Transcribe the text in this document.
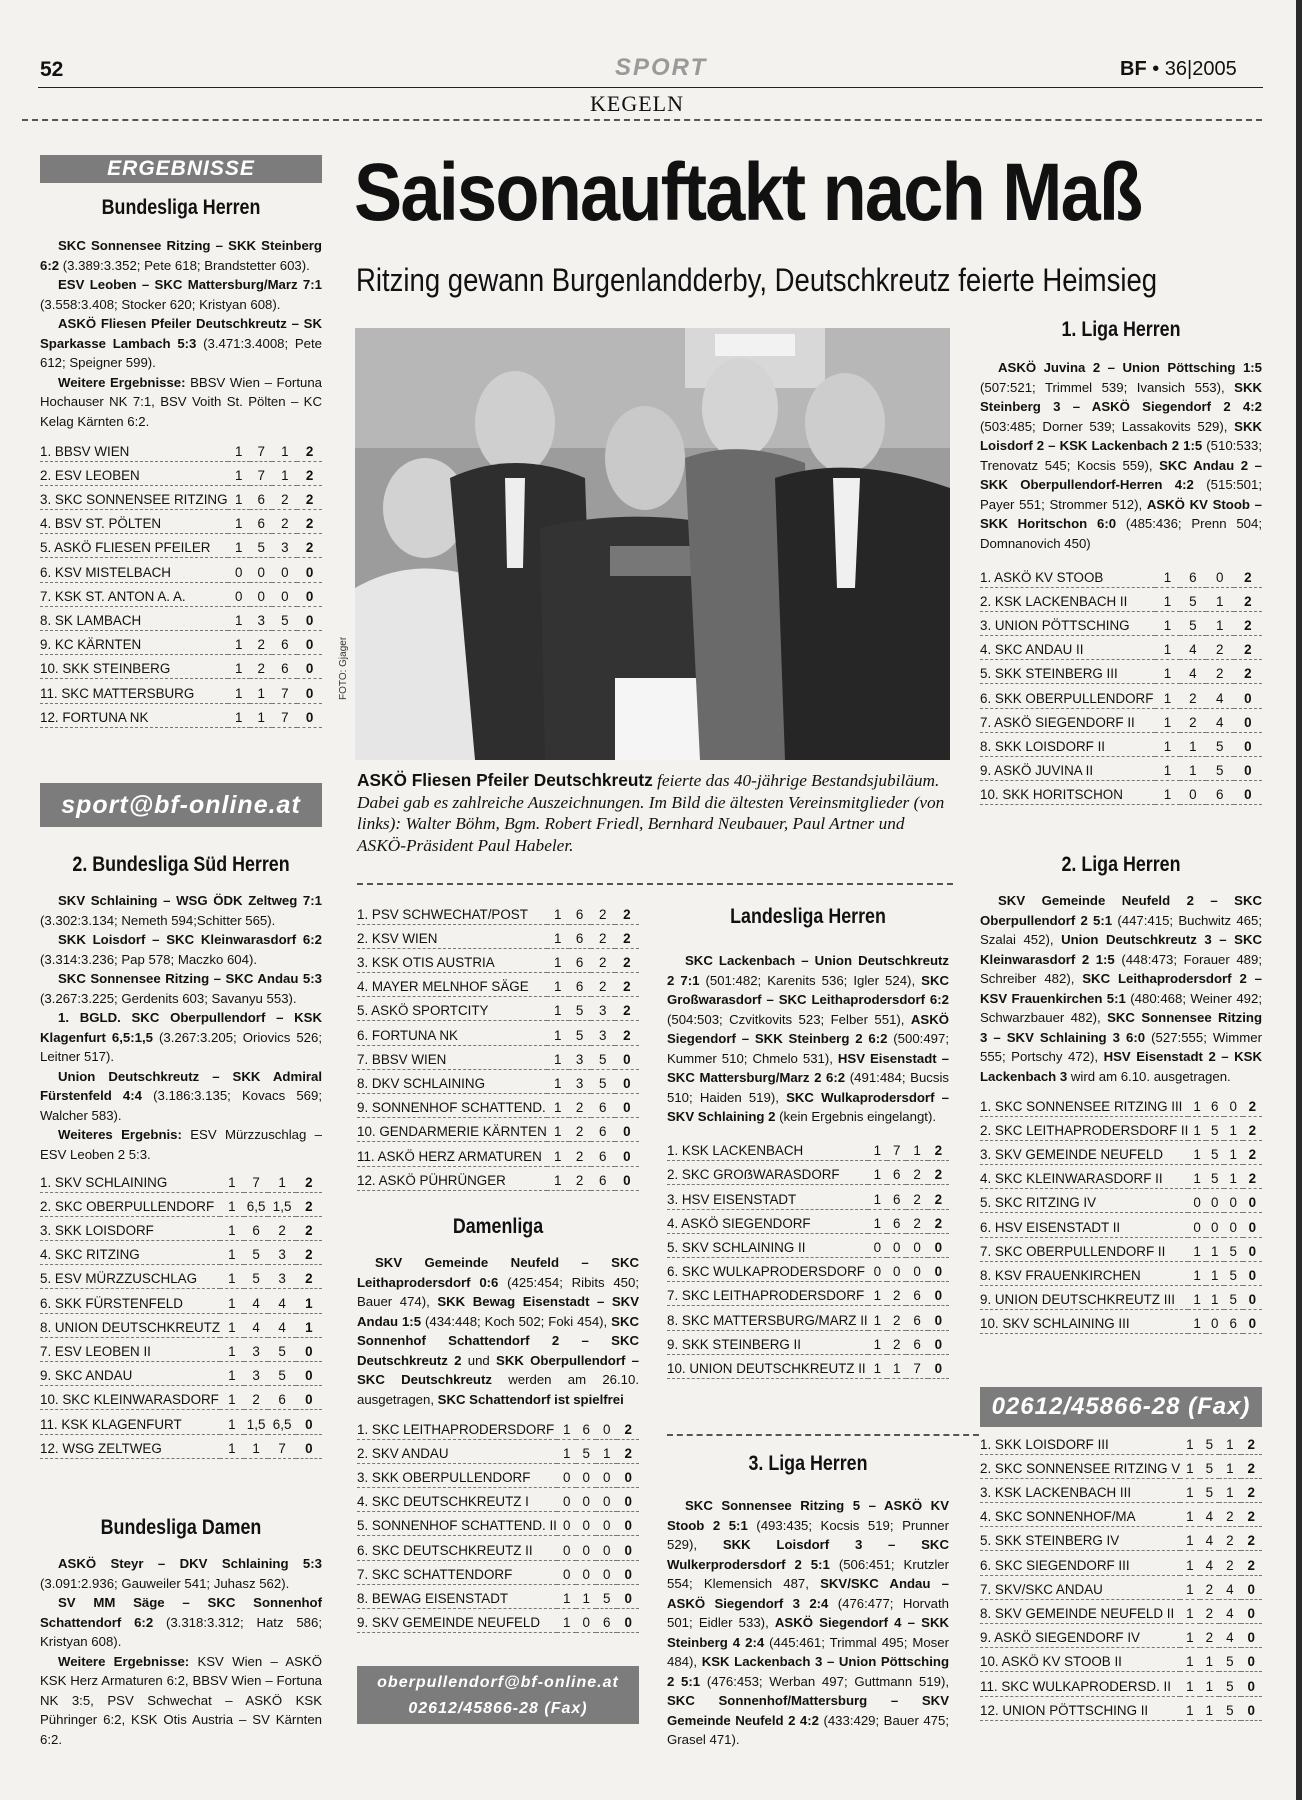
52	SPORT	BF • 36|2005
KEGELN
ERGEBNISSE
Bundesliga Herren
SKC Sonnensee Ritzing – SKK Steinberg 6:2 (3.389:3.352; Pete 618; Brandstetter 603).
ESV Leoben – SKC Mattersburg/Marz 7:1 (3.558:3.408; Stocker 620; Kristyan 608).
ASKÖ Fliesen Pfeiler Deutschkreutz – SK Sparkasse Lambach 5:3 (3.471:3.4008; Pete 612; Speigner 599).
Weitere Ergebnisse: BBSV Wien – Fortuna Hochauser NK 7:1, BSV Voith St. Pölten – KC Kelag Kärnten 6:2.
1. BBSV WIEN	1	7	1	2
2. ESV LEOBEN	1	7	1	2
3. SKC SONNENSEE RITZING	1	6	2	2
4. BSV ST. PÖLTEN	1	6	2	2
5. ASKÖ FLIESEN PFEILER	1	5	3	2
6. KSV MISTELBACH	0	0	0	0
7. KSK ST. ANTON A. A.	0	0	0	0
8. SK LAMBACH	1	3	5	0
9. KC KÄRNTEN	1	2	6	0
10. SKK STEINBERG	1	2	6	0
11. SKC MATTERSBURG	1	1	7	0
12. FORTUNA NK	1	1	7	0
sport@bf-online.at
2. Bundesliga Süd Herren
SKV Schlaining – WSG ÖDK Zeltweg 7:1 (3.302:3.134; Nemeth 594;Schitter 565).
SKK Loisdorf – SKC Kleinwarasdorf 6:2 (3.314:3.236; Pap 578; Maczko 604).
SKC Sonnensee Ritzing – SKC Andau 5:3 (3.267:3.225; Gerdenits 603; Savanyu 553).
1. BGLD. SKC Oberpullendorf – KSK Klagenfurt 6,5:1,5 (3.267:3.205; Oriovics 526; Leitner 517).
Union Deutschkreutz – SKK Admiral Fürstenfeld 4:4 (3.186:3.135; Kovacs 569; Walcher 583).
Weiteres Ergebnis: ESV Mürzzuschlag – ESV Leoben 2 5:3.
1. SKV SCHLAINING	1	7	1	2
2. SKC OBERPULLENDORF	1	6,5	1,5	2
3. SKK LOISDORF	1	6	2	2
4. SKC RITZING	1	5	3	2
5. ESV MÜRZZUSCHLAG	1	5	3	2
6. SKK FÜRSTENFELD	1	4	4	1
8. UNION DEUTSCHKREUTZ	1	4	4	1
7. ESV LEOBEN II	1	3	5	0
9. SKC ANDAU	1	3	5	0
10. SKC KLEINWARASDORF	1	2	6	0
11. KSK KLAGENFURT	1	1,5	6,5	0
12. WSG ZELTWEG	1	1	7	0
Bundesliga Damen
ASKÖ Steyr – DKV Schlaining 5:3 (3.091:2.936; Gauweiler 541; Juhasz 562).
SV MM Säge – SKC Sonnenhof Schattendorf 6:2 (3.318:3.312; Hatz 586; Kristyan 608).
Weitere Ergebnisse: KSV Wien – ASKÖ KSK Herz Armaturen 6:2, BBSV Wien – Fortuna NK 3:5, PSV Schwechat – ASKÖ KSK Pühringer 6:2, KSK Otis Austria – SV Kärnten 6:2.
Saisonauftakt nach Maß
Ritzing gewann Burgenlandderby, Deutschkreutz feierte Heimsieg
FOTO: Gjager
ASKÖ Fliesen Pfeiler Deutschkreutz feierte das 40-jährige Bestandsjubiläum. Dabei gab es zahlreiche Auszeichnungen. Im Bild die ältesten Vereinsmitglieder (von links): Walter Böhm, Bgm. Robert Friedl, Bernhard Neubauer, Paul Artner und ASKÖ-Präsident Paul Habeler.
1. PSV SCHWECHAT/POST	1	6	2	2
2. KSV WIEN	1	6	2	2
3. KSK OTIS AUSTRIA	1	6	2	2
4. MAYER MELNHOF SÄGE	1	6	2	2
5. ASKÖ SPORTCITY	1	5	3	2
6. FORTUNA NK	1	5	3	2
7. BBSV WIEN	1	3	5	0
8. DKV SCHLAINING	1	3	5	0
9. SONNENHOF SCHATTEND.	1	2	6	0
10. GENDARMERIE KÄRNTEN	1	2	6	0
11. ASKÖ HERZ ARMATUREN	1	2	6	0
12. ASKÖ PÜHRÜNGER	1	2	6	0
Damenliga
SKV Gemeinde Neufeld – SKC Leithaprodersdorf 0:6 (425:454; Ribits 450; Bauer 474), SKK Bewag Eisenstadt – SKV Andau 1:5 (434:448; Koch 502; Foki 454), SKC Sonnenhof Schattendorf 2 – SKC Deutschkreutz 2 und SKK Oberpullendorf – SKC Deutschkreutz werden am 26.10. ausgetragen, SKC Schattendorf ist spielfrei
1. SKC LEITHAPRODERSDORF	1	6	0	2
2. SKV ANDAU	1	5	1	2
3. SKK OBERPULLENDORF	0	0	0	0
4. SKC DEUTSCHKREUTZ I	0	0	0	0
5. SONNENHOF SCHATTEND. II	0	0	0	0
6. SKC DEUTSCHKREUTZ II	0	0	0	0
7. SKC SCHATTENDORF	0	0	0	0
8. BEWAG EISENSTADT	1	1	5	0
9. SKV GEMEINDE NEUFELD	1	0	6	0
oberpullendorf@bf-online.at
02612/45866-28 (Fax)
Landesliga Herren
SKC Lackenbach – Union Deutschkreutz 2 7:1 (501:482; Karenits 536; Igler 524), SKC Großwarasdorf – SKC Leithaprodersdorf 6:2 (504:503; Czvitkovits 523; Felber 551), ASKÖ Siegendorf – SKK Steinberg 2 6:2 (500:497; Kummer 510; Chmelo 531), HSV Eisenstadt – SKC Mattersburg/Marz 2 6:2 (491:484; Bucsis 510; Haiden 519), SKC Wulkaprodersdorf – SKV Schlaining 2 (kein Ergebnis eingelangt).
1. KSK LACKENBACH	1	7	1	2
2. SKC GROẞWARASDORF	1	6	2	2
3. HSV EISENSTADT	1	6	2	2
4. ASKÖ SIEGENDORF	1	6	2	2
5. SKV SCHLAINING II	0	0	0	0
6. SKC WULKAPRODERSDORF	0	0	0	0
7. SKC LEITHAPRODERSDORF	1	2	6	0
8. SKC MATTERSBURG/MARZ II	1	2	6	0
9. SKK STEINBERG II	1	2	6	0
10. UNION DEUTSCHKREUTZ II	1	1	7	0
3. Liga Herren
SKC Sonnensee Ritzing 5 – ASKÖ KV Stoob 2 5:1 (493:435; Kocsis 519; Prunner 529), SKK Loisdorf 3 – SKC Wulkerprodersdorf 2 5:1 (506:451; Krutzler 554; Klemensich 487, SKV/SKC Andau – ASKÖ Siegendorf 3 2:4 (476:477; Horvath 501; Eidler 533), ASKÖ Siegendorf 4 – SKK Steinberg 4 2:4 (445:461; Trimmal 495; Moser 484), KSK Lackenbach 3 – Union Pöttsching 2 5:1 (476:453; Werban 497; Guttmann 519), SKC Sonnenhof/Mattersburg – SKV Gemeinde Neufeld 2 4:2 (433:429; Bauer 475; Grasel 471).
1. Liga Herren
ASKÖ Juvina 2 – Union Pöttsching 1:5 (507:521; Trimmel 539; Ivansich 553), SKK Steinberg 3 – ASKÖ Siegendorf 2 4:2 (503:485; Dorner 539; Lassakovits 529), SKK Loisdorf 2 – KSK Lackenbach 2 1:5 (510:533; Trenovatz 545; Kocsis 559), SKC Andau 2 – SKK Oberpullendorf-Herren 4:2 (515:501; Payer 551; Strommer 512), ASKÖ KV Stoob – SKK Horitschon 6:0 (485:436; Prenn 504; Domnanovich 450)
1. ASKÖ KV STOOB	1	6	0	2
2. KSK LACKENBACH II	1	5	1	2
3. UNION PÖTTSCHING	1	5	1	2
4. SKC ANDAU II	1	4	2	2
5. SKK STEINBERG III	1	4	2	2
6. SKK OBERPULLENDORF	1	2	4	0
7. ASKÖ SIEGENDORF II	1	2	4	0
8. SKK LOISDORF II	1	1	5	0
9. ASKÖ JUVINA II	1	1	5	0
10. SKK HORITSCHON	1	0	6	0
2. Liga Herren
SKV Gemeinde Neufeld 2 – SKC Oberpullendorf 2 5:1 (447:415; Buchwitz 465; Szalai 452), Union Deutschkreutz 3 – SKC Kleinwarasdorf 2 1:5 (448:473; Forauer 489; Schreiber 482), SKC Leithaprodersdorf 2 – KSV Frauenkirchen 5:1 (480:468; Weiner 492; Schwarzbauer 482), SKC Sonnensee Ritzing 3 – SKV Schlaining 3 6:0 (527:555; Wimmer 555; Portschy 472), HSV Eisenstadt 2 – KSK Lackenbach 3 wird am 6.10. ausgetragen.
1. SKC SONNENSEE RITZING III	1	6	0	2
2. SKC LEITHAPRODERSDORF II	1	5	1	2
3. SKV GEMEINDE NEUFELD	1	5	1	2
4. SKC KLEINWARASDORF II	1	5	1	2
5. SKC RITZING IV	0	0	0	0
6. HSV EISENSTADT II	0	0	0	0
7. SKC OBERPULLENDORF II	1	1	5	0
8. KSV FRAUENKIRCHEN	1	1	5	0
9. UNION DEUTSCHKREUTZ III	1	1	5	0
10. SKV SCHLAINING III	1	0	6	0
02612/45866-28 (Fax)
1. SKK LOISDORF III	1	5	1	2
2. SKC SONNENSEE RITZING V	1	5	1	2
3. KSK LACKENBACH III	1	5	1	2
4. SKC SONNENHOF/MA	1	4	2	2
5. SKK STEINBERG IV	1	4	2	2
6. SKC SIEGENDORF III	1	4	2	2
7. SKV/SKC ANDAU	1	2	4	0
8. SKV GEMEINDE NEUFELD II	1	2	4	0
9. ASKÖ SIEGENDORF IV	1	2	4	0
10. ASKÖ KV STOOB II	1	1	5	0
11. SKC WULKAPRODERSD. II	1	1	5	0
12. UNION PÖTTSCHING II	1	1	5	0
